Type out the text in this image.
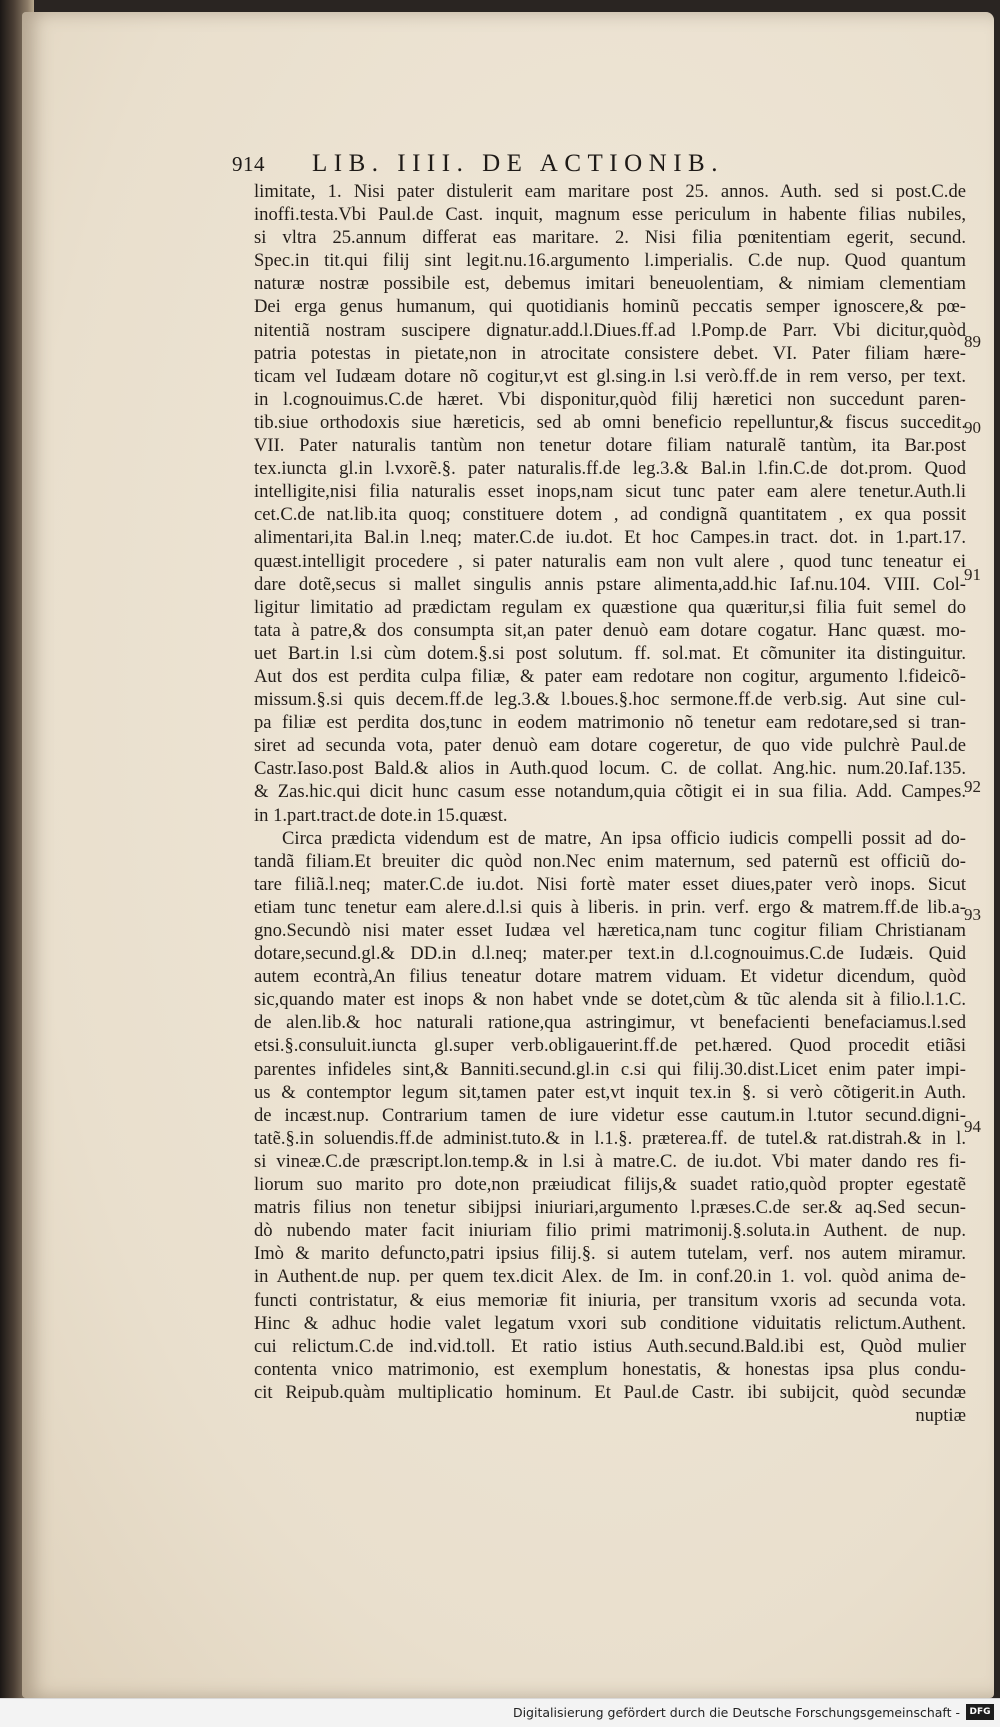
914 LIB. IIII. DE ACTIONIB.
limitate, 1. Nisi pater distulerit eam maritare post 25. annos. Auth. sed si post.C.de
inoffi.testa.Vbi Paul.de Cast. inquit, magnum esse periculum in habente filias nubiles,
si vltra 25.annum differat eas maritare. 2. Nisi filia pœnitentiam egerit, secund.
Spec.in tit.qui filij sint legit.nu.16.argumento l.imperialis. C.de nup. Quod quantum
naturæ nostræ possibile est, debemus imitari beneuolentiam, & nimiam clementiam
Dei erga genus humanum, qui quotidianis hominũ peccatis semper ignoscere,& pœ-
nitentiã nostram suscipere dignatur.add.l.Diues.ff.ad l.Pomp.de Parr. Vbi dicitur,quòd
patria potestas in pietate,non in atrocitate consistere debet. VI. Pater filiam hære-
ticam vel Iudæam dotare nõ cogitur,vt est gl.sing.in l.si verò.ff.de in rem verso, per text.
in l.cognouimus.C.de hæret. Vbi disponitur,quòd filij hæretici non succedunt paren-
tib.siue orthodoxis siue hæreticis, sed ab omni beneficio repelluntur,& fiscus succedit.
VII. Pater naturalis tantùm non tenetur dotare filiam naturalẽ tantùm, ita Bar.post
tex.iuncta gl.in l.vxorẽ.§. pater naturalis.ff.de leg.3.& Bal.in l.fin.C.de dot.prom. Quod
intelligite,nisi filia naturalis esset inops,nam sicut tunc pater eam alere tenetur.Auth.li
cet.C.de nat.lib.ita quoq; constituere dotem , ad condignã quantitatem , ex qua possit
alimentari,ita Bal.in l.neq; mater.C.de iu.dot. Et hoc Campes.in tract. dot. in 1.part.17.
quæst.intelligit procedere , si pater naturalis eam non vult alere , quod tunc teneatur ei
dare dotẽ,secus si mallet singulis annis pstare alimenta,add.hic Iaf.nu.104. VIII. Col-
ligitur limitatio ad prædictam regulam ex quæstione qua quæritur,si filia fuit semel do
tata à patre,& dos consumpta sit,an pater denuò eam dotare cogatur. Hanc quæst. mo-
uet Bart.in l.si cùm dotem.§.si post solutum. ff. sol.mat. Et cõmuniter ita distinguitur.
Aut dos est perdita culpa filiæ, & pater eam redotare non cogitur, argumento l.fideicõ-
missum.§.si quis decem.ff.de leg.3.& l.boues.§.hoc sermone.ff.de verb.sig. Aut sine cul-
pa filiæ est perdita dos,tunc in eodem matrimonio nõ tenetur eam redotare,sed si tran-
siret ad secunda vota, pater denuò eam dotare cogeretur, de quo vide pulchrè Paul.de
Castr.Iaso.post Bald.& alios in Auth.quod locum. C. de collat. Ang.hic. num.20.Iaf.135.
& Zas.hic.qui dicit hunc casum esse notandum,quia cõtigit ei in sua filia. Add. Campes.
in 1.part.tract.de dote.in 15.quæst.
Circa prædicta videndum est de matre, An ipsa officio iudicis compelli possit ad do-
tandã filiam.Et breuiter dic quòd non.Nec enim maternum, sed paternũ est officiũ do-
tare filiã.l.neq; mater.C.de iu.dot. Nisi fortè mater esset diues,pater verò inops. Sicut
etiam tunc tenetur eam alere.d.l.si quis à liberis. in prin. verf. ergo & matrem.ff.de lib.a-
gno.Secundò nisi mater esset Iudæa vel hæretica,nam tunc cogitur filiam Christianam
dotare,secund.gl.& DD.in d.l.neq; mater.per text.in d.l.cognouimus.C.de Iudæis. Quid
autem econtrà,An filius teneatur dotare matrem viduam. Et videtur dicendum, quòd
sic,quando mater est inops & non habet vnde se dotet,cùm & tũc alenda sit à filio.l.1.C.
de alen.lib.& hoc naturali ratione,qua astringimur, vt benefacienti benefaciamus.l.sed
etsi.§.consuluit.iuncta gl.super verb.obligauerint.ff.de pet.hæred. Quod procedit etiãsi
parentes infideles sint,& Banniti.secund.gl.in c.si qui filij.30.dist.Licet enim pater impi-
us & contemptor legum sit,tamen pater est,vt inquit tex.in §. si verò cõtigerit.in Auth.
de incæst.nup. Contrarium tamen de iure videtur esse cautum.in l.tutor secund.digni-
tatẽ.§.in soluendis.ff.de administ.tuto.& in l.1.§. præterea.ff. de tutel.& rat.distrah.& in l.
si vineæ.C.de præscript.lon.temp.& in l.si à matre.C. de iu.dot. Vbi mater dando res fi-
liorum suo marito pro dote,non præiudicat filijs,& suadet ratio,quòd propter egestatẽ
matris filius non tenetur sibijpsi iniuriari,argumento l.præses.C.de ser.& aq.Sed secun-
dò nubendo mater facit iniuriam filio primi matrimonij.§.soluta.in Authent. de nup.
Imò & marito defuncto,patri ipsius filij.§. si autem tutelam, verf. nos autem miramur.
in Authent.de nup. per quem tex.dicit Alex. de Im. in conf.20.in 1. vol. quòd anima de-
functi contristatur, & eius memoriæ fit iniuria, per transitum vxoris ad secunda vota.
Hinc & adhuc hodie valet legatum vxori sub conditione viduitatis relictum.Authent.
cui relictum.C.de ind.vid.toll. Et ratio istius Auth.secund.Bald.ibi est, Quòd mulier
contenta vnico matrimonio, est exemplum honestatis, & honestas ipsa plus condu-
cit Reipub.quàm multiplicatio hominum. Et Paul.de Castr. ibi subijcit, quòd secundæ
nuptiæ
89
90
91
92
93
94
Digitalisierung gefördert durch die Deutsche Forschungsgemeinschaft -	DFG
